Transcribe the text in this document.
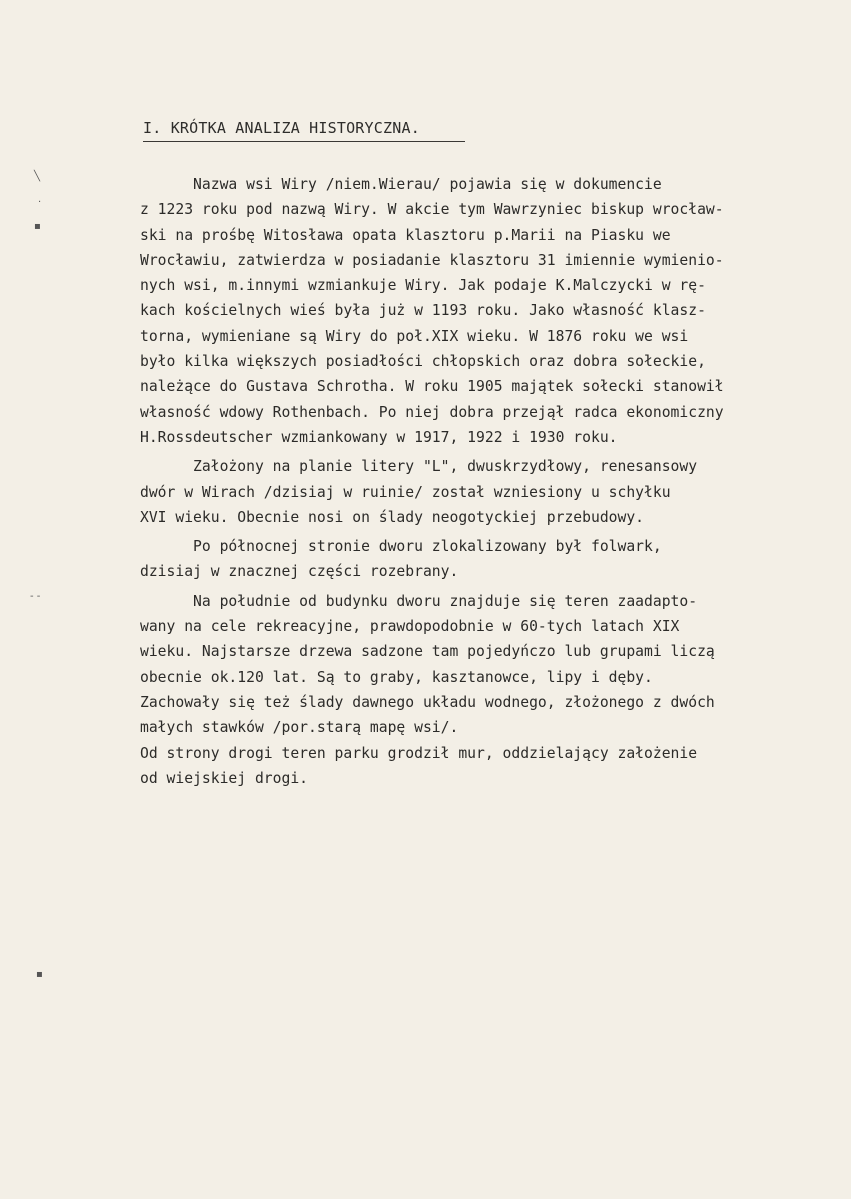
╲
·
▪
- -
▪
I. KRÓTKA ANALIZA HISTORYCZNA.
Nazwa wsi Wiry /niem.Wierau/ pojawia się w dokumencie
z 1223 roku pod nazwą Wiry. W akcie tym Wawrzyniec biskup wrocław-
ski na prośbę Witosława opata klasztoru p.Marii na Piasku we
Wrocławiu, zatwierdza w posiadanie klasztoru 31 imiennie wymienio-
nych wsi, m.innymi wzmiankuje Wiry. Jak podaje K.Malczycki w rę-
kach kościelnych wieś była już w 1193 roku. Jako własność klasz-
torna, wymieniane są Wiry do poł.XIX wieku. W 1876 roku we wsi
było kilka większych posiadłości chłopskich oraz dobra sołeckie,
należące do Gustava Schrotha. W roku 1905 majątek sołecki stanowił
własność wdowy Rothenbach. Po niej dobra przejął radca ekonomiczny
H.Rossdeutscher wzmiankowany w 1917, 1922 i 1930 roku.
Założony na planie litery "L", dwuskrzydłowy, renesansowy
dwór w Wirach /dzisiaj w ruinie/ został wzniesiony u schyłku
XVI wieku. Obecnie nosi on ślady neogotyckiej przebudowy.
Po północnej stronie dworu zlokalizowany był folwark,
dzisiaj w znacznej części rozebrany.
Na południe od budynku dworu znajduje się teren zaadapto-
wany na cele rekreacyjne, prawdopodobnie w 60-tych latach XIX
wieku. Najstarsze drzewa sadzone tam pojedyńczo lub grupami liczą
obecnie ok.120 lat. Są to graby, kasztanowce, lipy i dęby.
Zachowały się też ślady dawnego układu wodnego, złożonego z dwóch
małych stawków /por.starą mapę wsi/.
Od strony drogi teren parku grodził mur, oddzielający założenie
od wiejskiej drogi.
